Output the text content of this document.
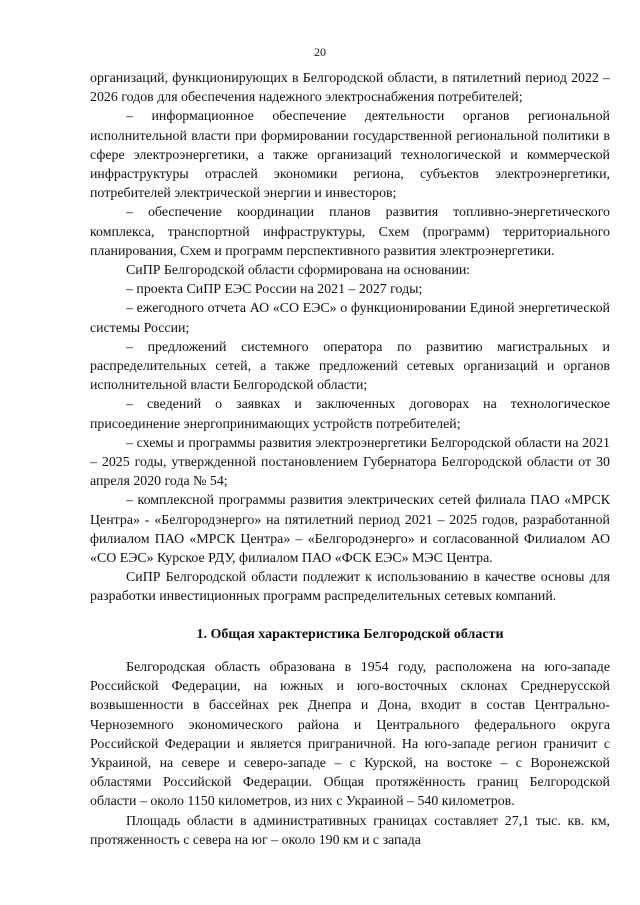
20

организаций, функционирующих в Белгородской области, в пятилетний период 2022 – 2026 годов для обеспечения надежного электроснабжения потребителей;

– информационное обеспечение деятельности органов региональной исполнительной власти при формировании государственной региональной политики в сфере электроэнергетики, а также организаций технологической и коммерческой инфраструктуры отраслей экономики региона, субъектов электроэнергетики, потребителей электрической энергии и инвесторов;

– обеспечение координации планов развития топливно-энергетического комплекса, транспортной инфраструктуры, Схем (программ) территориального планирования, Схем и программ перспективного развития электроэнергетики.

СиПР Белгородской области сформирована на основании:

– проекта СиПР ЕЭС России на 2021 – 2027 годы;

– ежегодного отчета АО «СО ЕЭС» о функционировании Единой энергетической системы России;

– предложений системного оператора по развитию магистральных и распределительных сетей, а также предложений сетевых организаций и органов исполнительной власти Белгородской области;

– сведений о заявках и заключенных договорах на технологическое присоединение энергопринимающих устройств потребителей;

– схемы и программы развития электроэнергетики Белгородской области на 2021 – 2025 годы, утвержденной постановлением Губернатора Белгородской области от 30 апреля 2020 года № 54;

– комплексной программы развития электрических сетей филиала ПАО «МРСК Центра» - «Белгородэнерго» на пятилетний период 2021 – 2025 годов, разработанной филиалом ПАО «МРСК Центра» – «Белгородэнерго» и согласованной Филиалом АО «СО ЕЭС» Курское РДУ, филиалом ПАО «ФСК ЕЭС» МЭС Центра.

СиПР Белгородской области подлежит к использованию в качестве основы для разработки инвестиционных программ распределительных сетевых компаний.

1. Общая характеристика Белгородской области

Белгородская область образована в 1954 году, расположена на юго-западе Российской Федерации, на южных и юго-восточных склонах Среднерусской возвышенности в бассейнах рек Днепра и Дона, входит в состав Центрально-Черноземного экономического района и Центрального федерального округа Российской Федерации и является приграничной. На юго-западе регион граничит с Украиной, на севере и северо-западе – с Курской, на востоке – с Воронежской областями Российской Федерации. Общая протяжённость границ Белгородской области – около 1150 километров, из них с Украиной – 540 километров.

Площадь области в административных границах составляет 27,1 тыс. кв. км, протяженность с севера на юг – около 190 км и с запада
